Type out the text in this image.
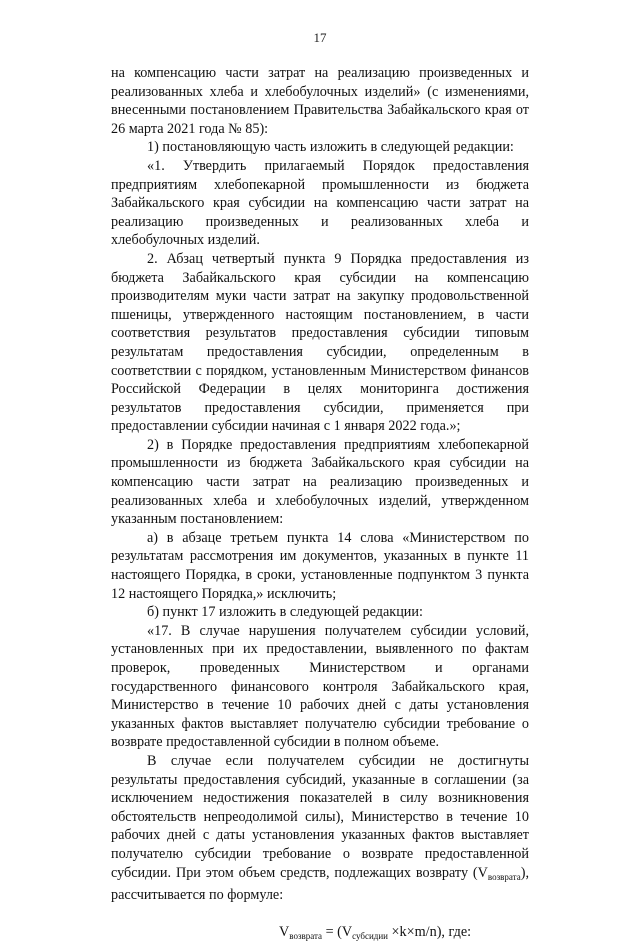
17

на компенсацию части затрат на реализацию произведенных и реализованных хлеба и хлебобулочных изделий» (с изменениями, внесенными постановлением Правительства Забайкальского края от 26 марта 2021 года № 85):

1) постановляющую часть изложить в следующей редакции:

«1. Утвердить прилагаемый Порядок предоставления предприятиям хлебопекарной промышленности из бюджета Забайкальского края субсидии на компенсацию части затрат на реализацию произведенных и реализованных хлеба и хлебобулочных изделий.

2. Абзац четвертый пункта 9 Порядка предоставления из бюджета Забайкальского края субсидии на компенсацию производителям муки части затрат на закупку продовольственной пшеницы, утвержденного настоящим постановлением, в части соответствия результатов предоставления субсидии типовым результатам предоставления субсидии, определенным в соответствии с порядком, установленным Министерством финансов Российской Федерации в целях мониторинга достижения результатов предоставления субсидии, применяется при предоставлении субсидии начиная с 1 января 2022 года.»;

2) в Порядке предоставления предприятиям хлебопекарной промышленности из бюджета Забайкальского края субсидии на компенсацию части затрат на реализацию произведенных и реализованных хлеба и хлебобулочных изделий, утвержденном указанным постановлением:

а) в абзаце третьем пункта 14 слова «Министерством по результатам рассмотрения им документов, указанных в пункте 11 настоящего Порядка, в сроки, установленные подпунктом 3 пункта 12 настоящего Порядка,» исключить;

б) пункт 17 изложить в следующей редакции:

«17. В случае нарушения получателем субсидии условий, установленных при их предоставлении, выявленного по фактам проверок, проведенных Министерством и органами государственного финансового контроля Забайкальского края, Министерство в течение 10 рабочих дней с даты установления указанных фактов выставляет получателю субсидии требование о возврате предоставленной субсидии в полном объеме.

В случае если получателем субсидии не достигнуты результаты предоставления субсидий, указанные в соглашении (за исключением недостижения показателей в силу возникновения обстоятельств непреодолимой силы), Министерство в течение 10 рабочих дней с даты установления указанных фактов выставляет получателю субсидии требование о возврате предоставленной субсидии. При этом объем средств, подлежащих возврату $(V_{возврата})$, рассчитывается по формуле:

$V_{возврата} = (V_{субсидии} \times k\times m/n)$, где:
